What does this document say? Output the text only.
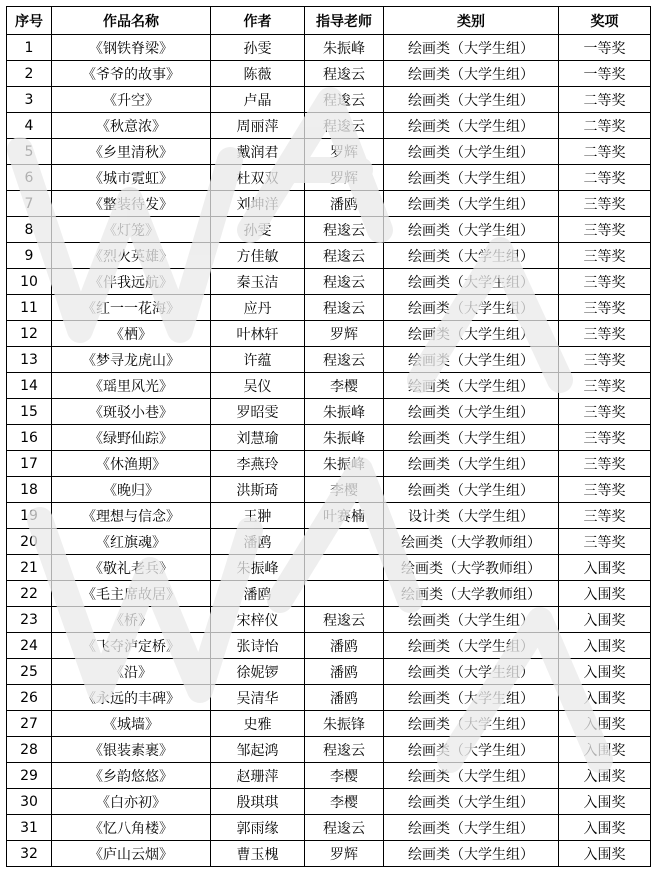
序号	作品名称	作者	指导老师	类别	奖项
1	《钢铁脊梁》	孙雯	朱振峰	绘画类（大学生组）	一等奖
2	《爷爷的故事》	陈薇	程逡云	绘画类（大学生组）	一等奖
3	《升空》	卢晶	程逡云	绘画类（大学生组）	二等奖
4	《秋意浓》	周丽萍	程逡云	绘画类（大学生组）	二等奖
5	《乡里清秋》	戴润君	罗辉	绘画类（大学生组）	二等奖
6	《城市霓虹》	杜双双	罗辉	绘画类（大学生组）	二等奖
7	《整装待发》	刘坤洋	潘鸥	绘画类（大学生组）	三等奖
8	《灯笼》	孙雯	程逡云	绘画类（大学生组）	三等奖
9	《烈火英雄》	方佳敏	程逡云	绘画类（大学生组）	三等奖
10	《伴我远航》	秦玉洁	程逡云	绘画类（大学生组）	三等奖
11	《红一一花海》	应丹	程逡云	绘画类（大学生组）	三等奖
12	《栖》	叶林轩	罗辉	绘画类（大学生组）	三等奖
13	《梦寻龙虎山》	许蕴	程逡云	绘画类（大学生组）	三等奖
14	《瑶里风光》	吴仪	李樱	绘画类（大学生组）	三等奖
15	《斑驳小巷》	罗昭雯	朱振峰	绘画类（大学生组）	三等奖
16	《绿野仙踪》	刘慧瑜	朱振峰	绘画类（大学生组）	三等奖
17	《休渔期》	李燕玲	朱振峰	绘画类（大学生组）	三等奖
18	《晚归》	洪斯琦	李樱	绘画类（大学生组）	三等奖
19	《理想与信念》	王翀	叶赛楠	设计类（大学生组）	三等奖
20	《红旗魂》	潘鸥		绘画类（大学教师组）	三等奖
21	《敬礼老兵》	朱振峰		绘画类（大学教师组）	入围奖
22	《毛主席故居》	潘鸥		绘画类（大学教师组）	入围奖
23	《桥》	宋梓仪	程逡云	绘画类（大学生组）	入围奖
24	《飞夺泸定桥》	张诗怡	潘鸥	绘画类（大学生组）	入围奖
25	《沿》	徐妮锣	潘鸥	绘画类（大学生组）	入围奖
26	《永远的丰碑》	吴清华	潘鸥	绘画类（大学生组）	入围奖
27	《城墙》	史雅	朱振锋	绘画类（大学生组）	入围奖
28	《银装素裹》	邹起鸿	程逡云	绘画类（大学生组）	入围奖
29	《乡韵悠悠》	赵珊萍	李樱	绘画类（大学生组）	入围奖
30	《白亦初》	殷琪琪	李樱	绘画类（大学生组）	入围奖
31	《忆八角楼》	郭雨缘	程逡云	绘画类（大学生组）	入围奖
32	《庐山云烟》	曹玉槐	罗辉	绘画类（大学生组）	入围奖
